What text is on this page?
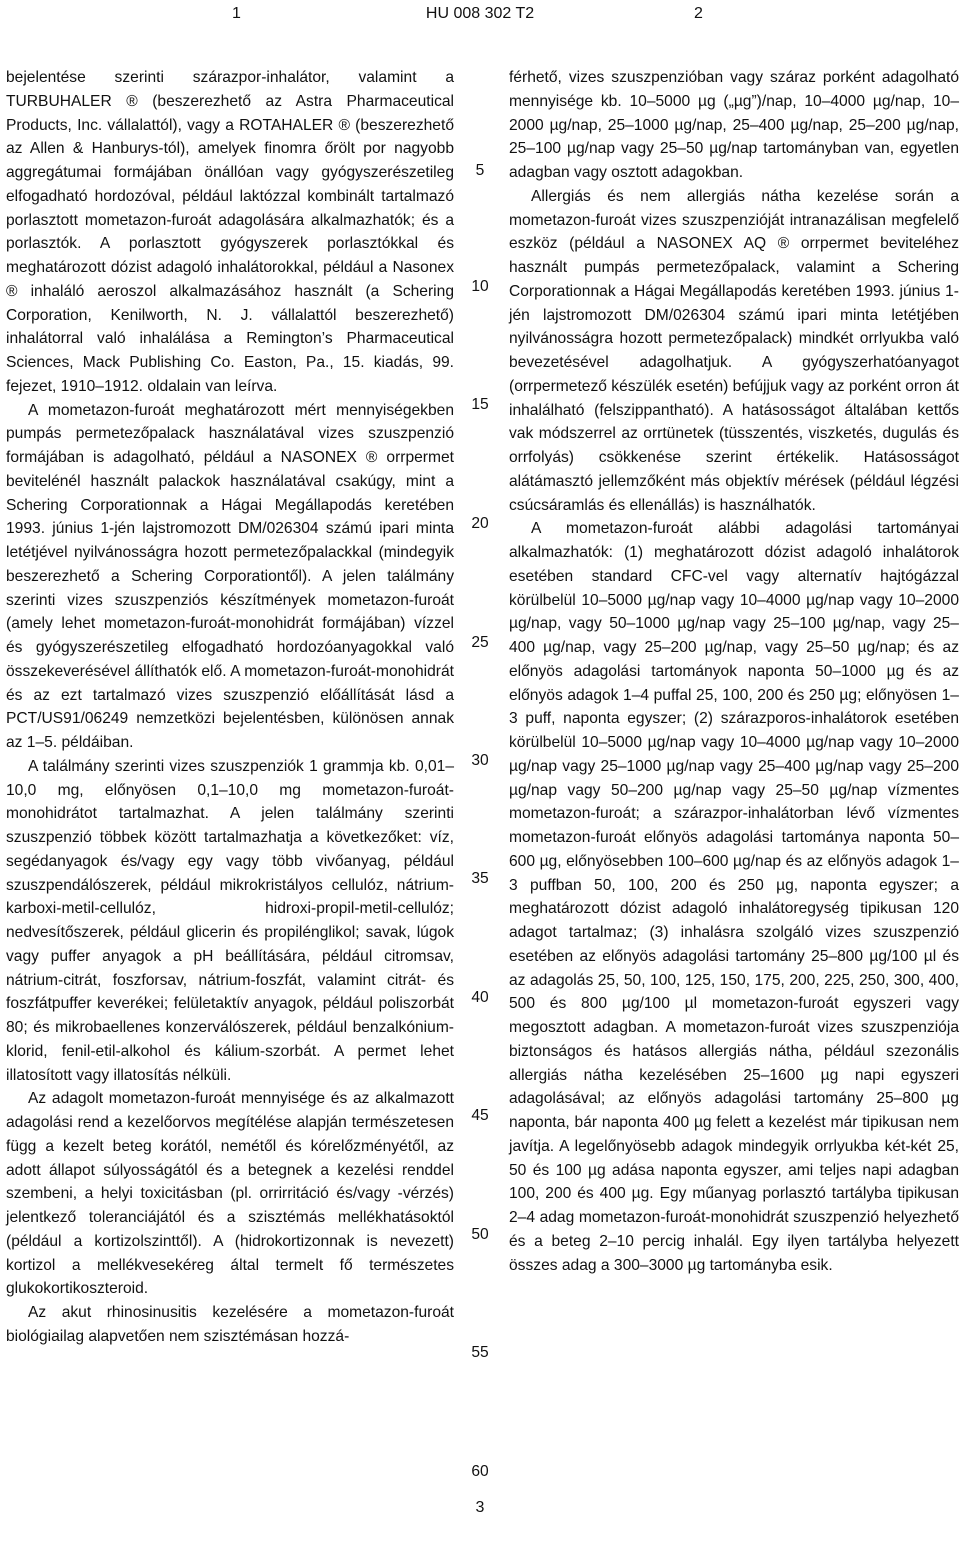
1	HU 008 302 T2	2

bejelentése szerinti szárazpor-inhalátor, valamint a TURBUHALER ® (beszerezhető az Astra Pharmaceutical Products, Inc. vállalattól), vagy a ROTAHALER ® (beszerezhető az Allen & Hanburys-tól), amelyek finomra őrölt por nagyobb aggregátumai formájában önállóan vagy gyógyszerészetileg elfogadható hordozóval, például laktózzal kombinált tartalmazó porlasztott mometazon-furoát adagolására alkalmazhatók; és a porlasztók. A porlasztott gyógyszerek porlasztókkal és meghatározott dózist adagoló inhalátorokkal, például a Nasonex ® inhaláló aeroszol alkalmazásához használt (a Schering Corporation, Kenilworth, N. J. vállalattól beszerezhető) inhalátorral való inhalálása a Remington’s Pharmaceutical Sciences, Mack Publishing Co. Easton, Pa., 15. kiadás, 99. fejezet, 1910–1912. oldalain van leírva.

A mometazon-furoát meghatározott mért mennyiségekben pumpás permetezőpalack használatával vizes szuszpenzió formájában is adagolható, például a NASONEX ® orrpermet bevitelénél használt palackok használatával csakúgy, mint a Schering Corporationnak a Hágai Megállapodás keretében 1993. június 1-jén lajstromozott DM/026304 számú ipari minta letétjével nyilvánosságra hozott permetezőpalackkal (mindegyik beszerezhető a Schering Corporationtől). A jelen találmány szerinti vizes szuszpenziós készítmények mometazon-furoát (amely lehet mometazon-furoát-monohidrát formájában) vízzel és gyógyszerészetileg elfogadható hordozóanyagokkal való összekeverésével állíthatók elő. A mometazon-furoát-monohidrát és az ezt tartalmazó vizes szuszpenzió előállítását lásd a PCT/US91/06249 nemzetközi bejelentésben, különösen annak az 1–5. példáiban.

A találmány szerinti vizes szuszpenziók 1 grammja kb. 0,01–10,0 mg, előnyösen 0,1–10,0 mg mometazon-furoát-monohidrátot tartalmazhat. A jelen találmány szerinti szuszpenzió többek között tartalmazhatja a következőket: víz, segédanyagok és/vagy egy vagy több vivőanyag, például szuszpendálószerek, például mikrokristályos cellulóz, nátrium-karboxi-metil-cellulóz, hidroxi-propil-metil-cellulóz; nedvesítőszerek, például glicerin és propilénglikol; savak, lúgok vagy puffer anyagok a pH beállítására, például citromsav, nátrium-citrát, foszforsav, nátrium-foszfát, valamint citrát- és foszfátpuffer keverékei; felületaktív anyagok, például poliszorbát 80; és mikrobaellenes konzerválószerek, például benzalkónium-klorid, fenil-etil-alkohol és kálium-szorbát. A permet lehet illatosított vagy illatosítás nélküli.

Az adagolt mometazon-furoát mennyisége és az alkalmazott adagolási rend a kezelőorvos megítélése alapján természetesen függ a kezelt beteg korától, nemétől és kórelőzményétől, az adott állapot súlyosságától és a betegnek a kezelési renddel szembeni, a helyi toxicitásban (pl. orrirritáció és/vagy -vérzés) jelentkező toleranciájától és a szisztémás mellékhatásoktól (például a kortizolszinttől). A (hidrokortizonnak is nevezett) kortizol a mellékvesekéreg által termelt fő természetes glukokortikoszteroid.

Az akut rhinosinusitis kezelésére a mometazon-furoát biológiailag alapvetően nem szisztémásan hozzá-

5
10
15
20
25
30
35
40
45
50
55
60

férhető, vizes szuszpenzióban vagy száraz porként adagolható mennyisége kb. 10–5000 µg („µg”)/nap, 10–4000 µg/nap, 10–2000 µg/nap, 25–1000 µg/nap, 25–400 µg/nap, 25–200 µg/nap, 25–100 µg/nap vagy 25–50 µg/nap tartományban van, egyetlen adagban vagy osztott adagokban.

Allergiás és nem allergiás nátha kezelése során a mometazon-furoát vizes szuszpenzióját intranazálisan megfelelő eszköz (például a NASONEX AQ ® orrpermet beviteléhez használt pumpás permetezőpalack, valamint a Schering Corporationnak a Hágai Megállapodás keretében 1993. június 1-jén lajstromozott DM/026304 számú ipari minta letétjében nyilvánosságra hozott permetezőpalack) mindkét orrlyukba való bevezetésével adagolhatjuk. A gyógyszerhatóanyagot (orrpermetező készülék esetén) befújjuk vagy az porként orron át inhalálható (felszippantható). A hatásosságot általában kettős vak módszerrel az orrtünetek (tüsszentés, viszketés, dugulás és orrfolyás) csökkenése szerint értékelik. Hatásosságot alátámasztó jellemzőként más objektív mérések (például légzési csúcsáramlás és ellenállás) is használhatók.

A mometazon-furoát alábbi adagolási tartományai alkalmazhatók: (1) meghatározott dózist adagoló inhalátorok esetében standard CFC-vel vagy alternatív hajtógázzal körülbelül 10–5000 µg/nap vagy 10–4000 µg/nap vagy 10–2000 µg/nap, vagy 50–1000 µg/nap vagy 25–100 µg/nap, vagy 25–400 µg/nap, vagy 25–200 µg/nap, vagy 25–50 µg/nap; és az előnyös adagolási tartományok naponta 50–1000 µg és az előnyös adagok 1–4 puffal 25, 100, 200 és 250 µg; előnyösen 1–3 puff, naponta egyszer; (2) szárazporos-inhalátorok esetében körülbelül 10–5000 µg/nap vagy 10–4000 µg/nap vagy 10–2000 µg/nap vagy 25–1000 µg/nap vagy 25–400 µg/nap vagy 25–200 µg/nap vagy 50–200 µg/nap vagy 25–50 µg/nap vízmentes mometazon-furoát; a szárazpor-inhalátorban lévő vízmentes mometazon-furoát előnyös adagolási tartománya naponta 50–600 µg, előnyösebben 100–600 µg/nap és az előnyös adagok 1–3 puffban 50, 100, 200 és 250 µg, naponta egyszer; a meghatározott dózist adagoló inhalátoregység tipikusan 120 adagot tartalmaz; (3) inhalásra szolgáló vizes szuszpenzió esetében az előnyös adagolási tartomány 25–800 µg/100 µl és az adagolás 25, 50, 100, 125, 150, 175, 200, 225, 250, 300, 400, 500 és 800 µg/100 µl mometazon-furoát egyszeri vagy megosztott adagban. A mometazon-furoát vizes szuszpenziója biztonságos és hatásos allergiás nátha, például szezonális allergiás nátha kezelésében 25–1600 µg napi egyszeri adagolásával; az előnyös adagolási tartomány 25–800 µg naponta, bár naponta 400 µg felett a kezelést már tipikusan nem javítja. A legelőnyösebb adagok mindegyik orrlyukba két-két 25, 50 és 100 µg adása naponta egyszer, ami teljes napi adagban 100, 200 és 400 µg. Egy műanyag porlasztó tartályba tipikusan 2–4 adag mometazon-furoát-monohidrát szuszpenzió helyezhető és a beteg 2–10 percig inhalál. Egy ilyen tartályba helyezett összes adag a 300–3000 µg tartományba esik.

3
